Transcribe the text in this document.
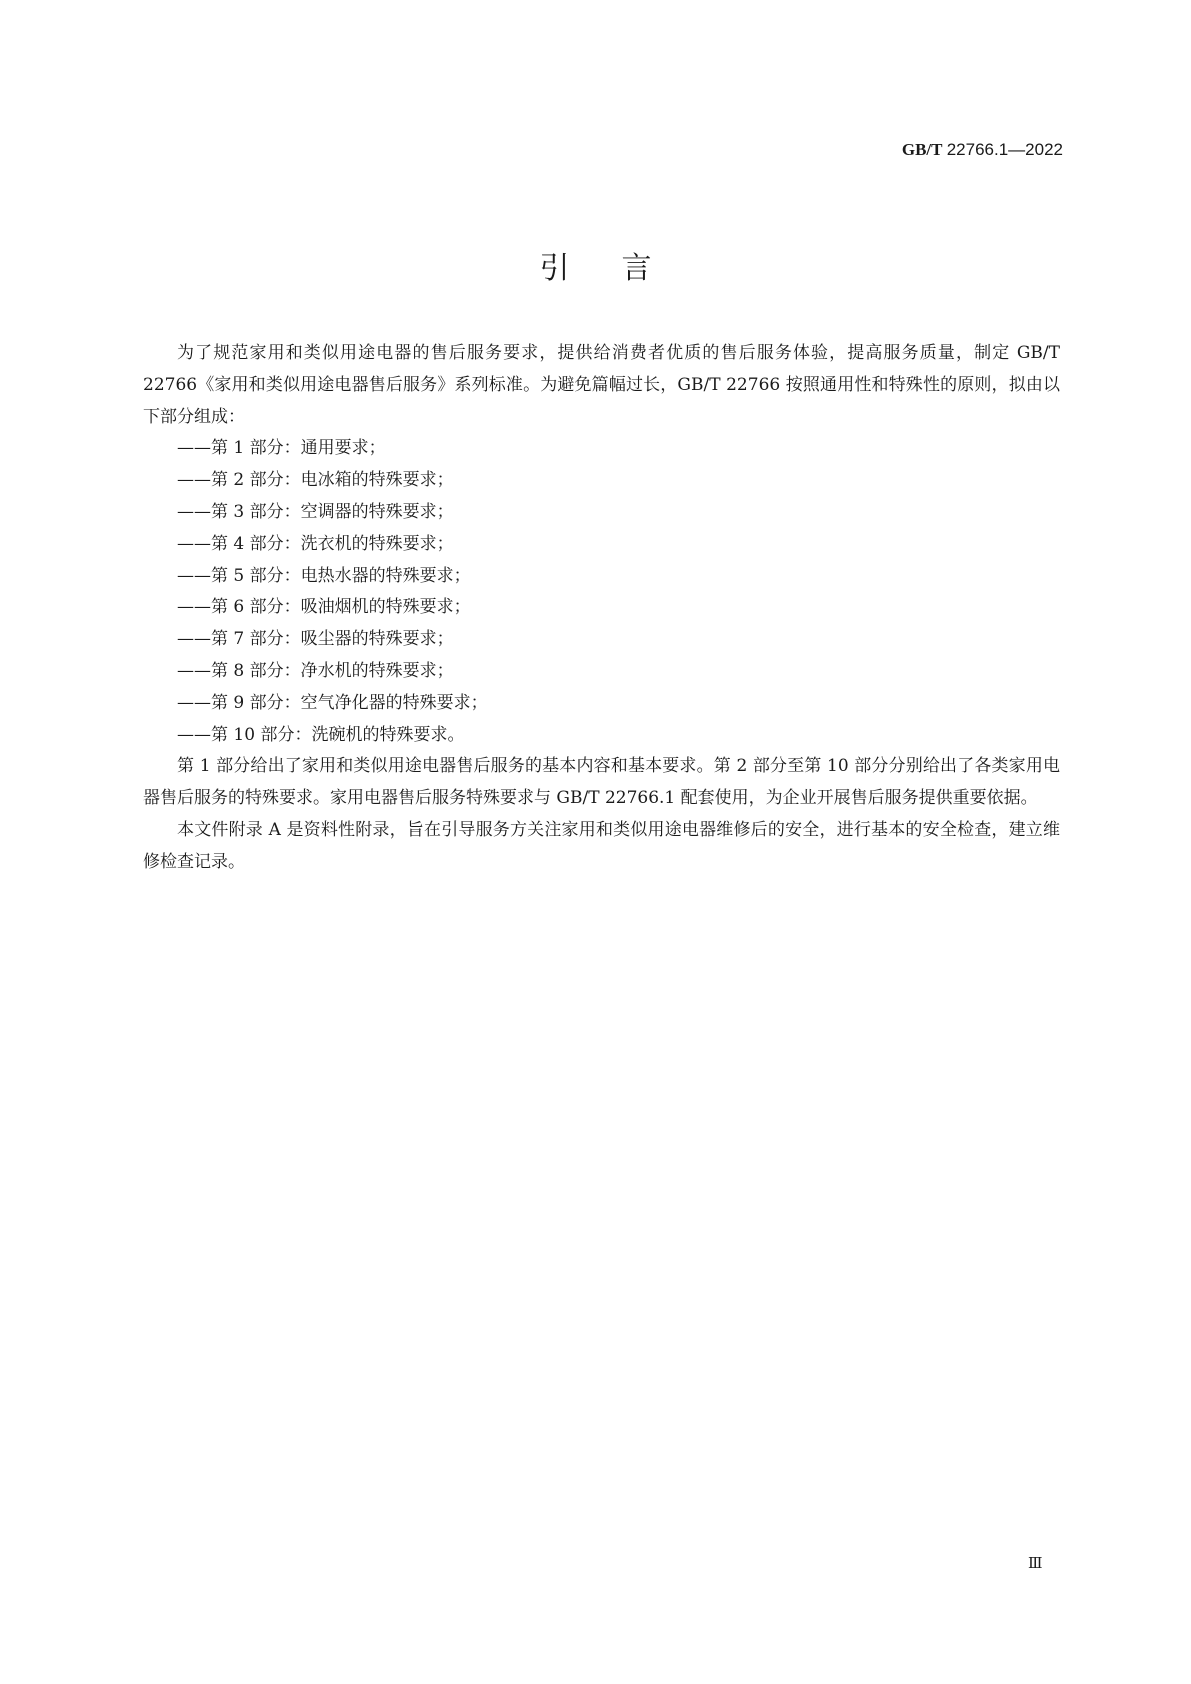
GB/T 22766.1—2022
引言

为了规范家用和类似用途电器的售后服务要求，提供给消费者优质的售后服务体验，提高服务质量，制定 GB/T 22766《家用和类似用途电器售后服务》系列标准。为避免篇幅过长，GB/T 22766 按照通用性和特殊性的原则，拟由以下部分组成：

——第 1 部分：通用要求；
——第 2 部分：电冰箱的特殊要求；
——第 3 部分：空调器的特殊要求；
——第 4 部分：洗衣机的特殊要求；
——第 5 部分：电热水器的特殊要求；
——第 6 部分：吸油烟机的特殊要求；
——第 7 部分：吸尘器的特殊要求；
——第 8 部分：净水机的特殊要求；
——第 9 部分：空气净化器的特殊要求；
——第 10 部分：洗碗机的特殊要求。

第 1 部分给出了家用和类似用途电器售后服务的基本内容和基本要求。第 2 部分至第 10 部分分别给出了各类家用电器售后服务的特殊要求。家用电器售后服务特殊要求与 GB/T 22766.1 配套使用，为企业开展售后服务提供重要依据。

本文件附录 A 是资料性附录，旨在引导服务方关注家用和类似用途电器维修后的安全，进行基本的安全检查，建立维修检查记录。

Ⅲ
